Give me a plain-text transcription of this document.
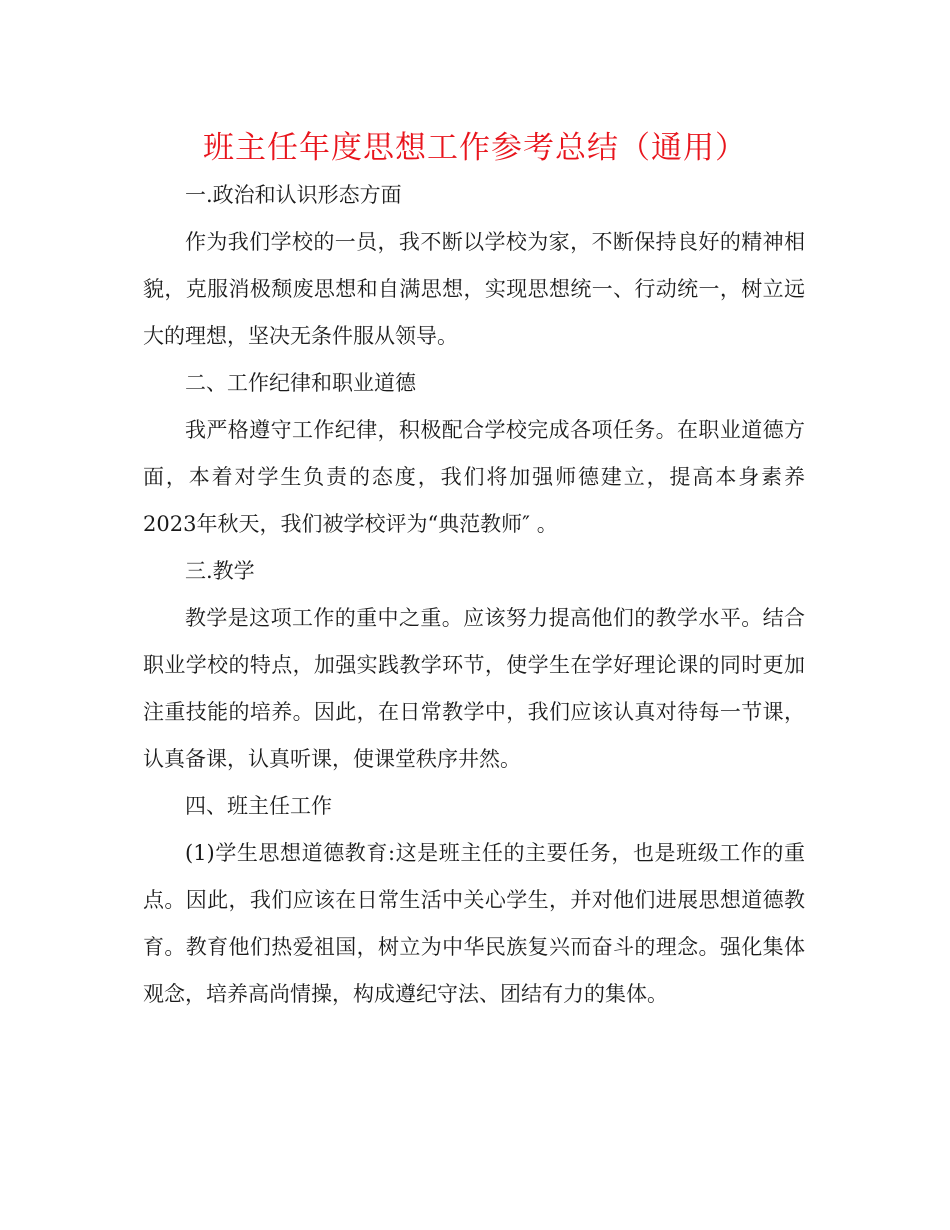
班主任年度思想工作参考总结（通用）

一.政治和认识形态方面

作为我们学校的一员，我不断以学校为家，不断保持良好的精神相貌，克服消极颓废思想和自满思想，实现思想统一、行动统一，树立远大的理想，坚决无条件服从领导。

二、工作纪律和职业道德

我严格遵守工作纪律，积极配合学校完成各项任务。在职业道德方面，本着对学生负责的态度，我们将加强师德建立，提高本身素养2023年秋天，我们被学校评为“典范教师″ 。

三.教学

教学是这项工作的重中之重。应该努力提高他们的教学水平。结合职业学校的特点，加强实践教学环节，使学生在学好理论课的同时更加注重技能的培养。因此，在日常教学中，我们应该认真对待每一节课，认真备课，认真听课，使课堂秩序井然。

四、班主任工作

(1)学生思想道德教育:这是班主任的主要任务，也是班级工作的重点。因此，我们应该在日常生活中关心学生，并对他们进展思想道德教育。教育他们热爱祖国，树立为中华民族复兴而奋斗的理念。强化集体观念，培养高尚情操，构成遵纪守法、团结有力的集体。
